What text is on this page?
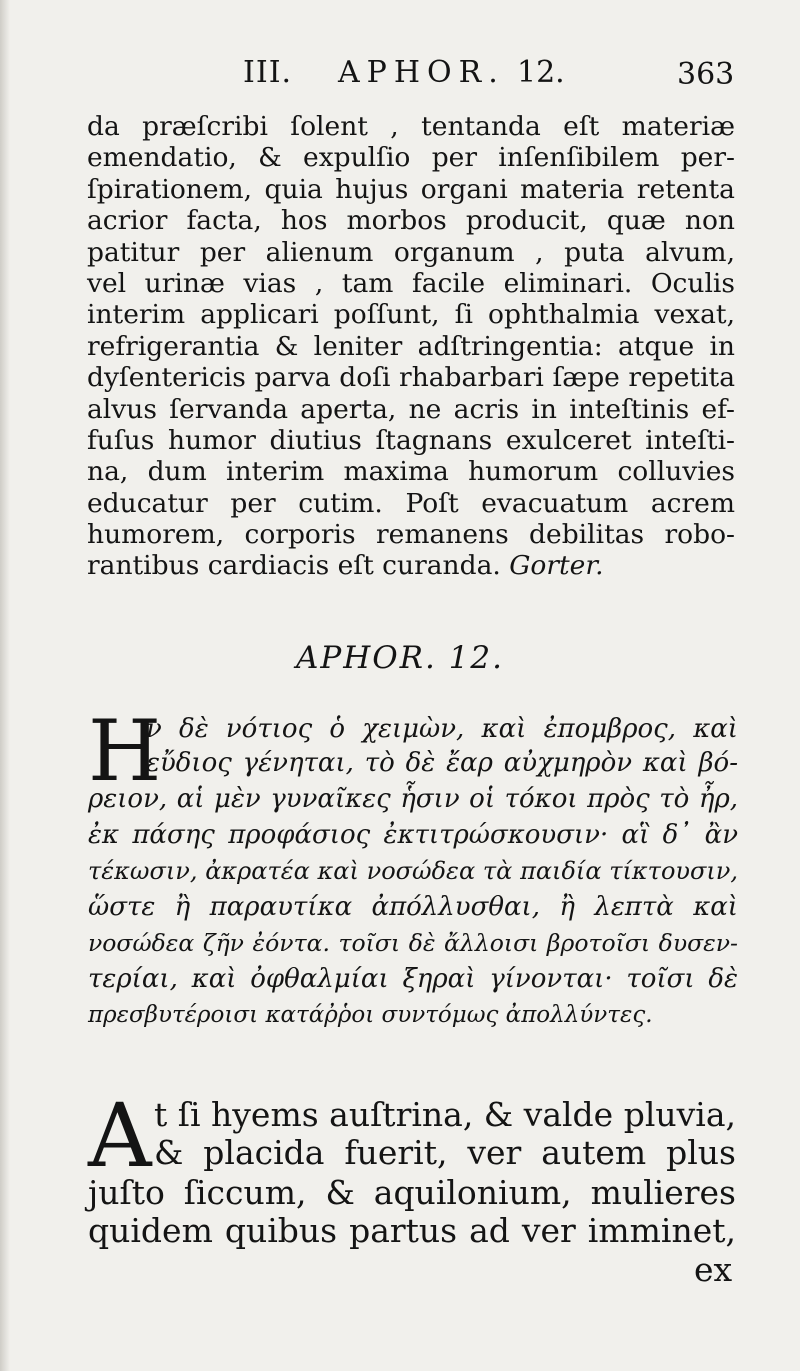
III. APHOR. 12.	363
da præſcribi ſolent , tentanda eſt materiæ
emendatio, & expulſio per inſenſibilem per-
ſpirationem, quia hujus organi materia retenta
acrior facta, hos morbos producit, quæ non
patitur per alienum organum , puta alvum,
vel urinæ vias , tam facile eliminari. Oculis
interim applicari poſſunt, ſi ophthalmia vexat,
refrigerantia & leniter adſtringentia: atque in
dyſentericis parva doſi rhabarbari ſæpe repetita
alvus ſervanda aperta, ne acris in inteſtinis ef-
fuſus humor diutius ſtagnans exulceret inteſti-
na, dum interim maxima humorum colluvies
educatur per cutim. Poſt evacuatum acrem
humorem, corporis remanens debilitas robo-
rantibus cardiacis eſt curanda. Gorter.
APHOR. 12.
H
ν δὲ νότιος ὁ χειμὼν, καὶ ἐπομβρος, καὶ
εὔδιος γένηται, τὸ δὲ ἔαρ αὐχμηρὸν καὶ βό-
ρειον, αἱ μὲν γυναῖκες ἧσιν οἱ τόκοι πρὸς τὸ ἦρ,
ἐκ πάσης προφάσιος ἐκτιτρώσκουσιν· αἳ δ᾽ ἂν
τέκωσιν, ἀκρατέα καὶ νοσώδεα τὰ παιδία τίκτουσιν,
ὥστε ἢ παραυτίκα ἀπόλλυσθαι, ἢ λεπτὰ καὶ
νοσώδεα ζῆν ἐόντα. τοῖσι δὲ ἄλλοισι βροτοῖσι δυσεν-
τερίαι, καὶ ὀφθαλμίαι ξηραὶ γίνονται· τοῖσι δὲ
πρεσβυτέροισι κατάῤῥοι συντόμως ἀπολλύντες.
A t ſi hyems auſtrina, & valde pluvia,
& placida fuerit, ver autem plus
juſto ſiccum, & aquilonium, mulieres
quidem quibus partus ad ver imminet,
ex
